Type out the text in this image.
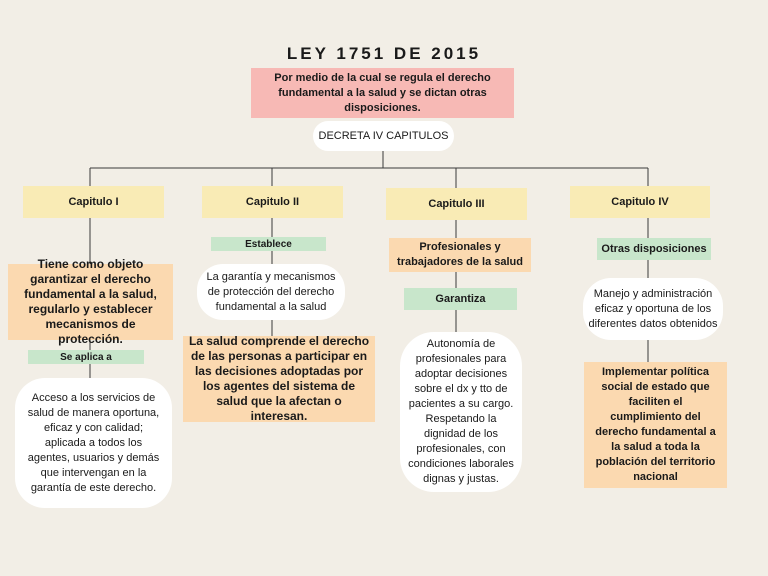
LEY 1751 DE 2015
Por medio de la cual se regula el derecho fundamental a la salud y se dictan otras disposiciones.
DECRETA IV CAPITULOS
Capitulo I	Capitulo II	Capitulo III	Capitulo IV
Tiene como objeto garantizar el derecho fundamental a la salud, regularlo y establecer mecanismos de protección.
Se aplica a
Acceso a los servicios de salud de manera oportuna, eficaz y con calidad; aplicada a todos los agentes, usuarios y demás que intervengan en la garantía de este derecho.
Establece
La garantía y mecanismos de protección del derecho fundamental a la salud
La salud comprende el derecho de las personas a participar en las decisiones adoptadas por los agentes del sistema de salud que la afectan o interesan.
Profesionales y trabajadores de la salud
Garantiza
Autonomía de profesionales para adoptar decisiones sobre el dx y tto de pacientes a su cargo. Respetando la dignidad de los profesionales, con condiciones laborales dignas y justas.
Otras disposiciones
Manejo y administración eficaz y oportuna de los diferentes datos obtenidos
Implementar política social de estado que faciliten el cumplimiento del derecho fundamental a la salud a toda la población del territorio nacional
